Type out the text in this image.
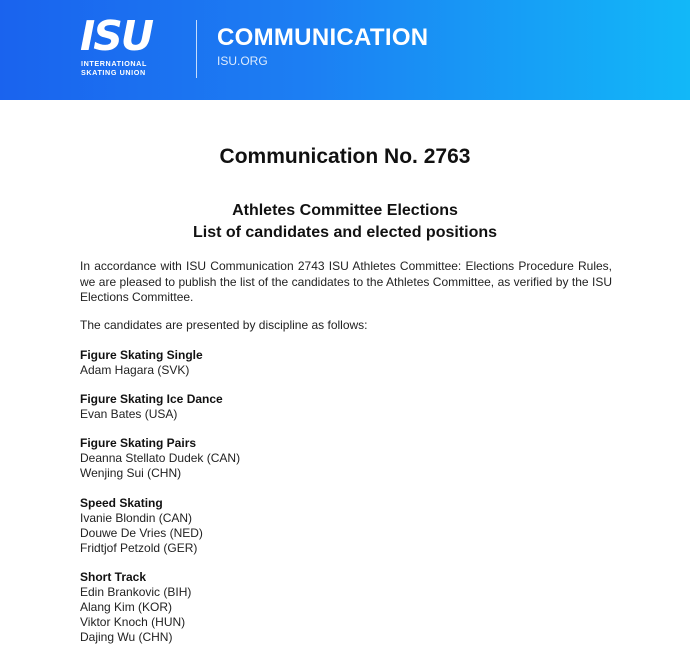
ISU
INTERNATIONAL
SKATING UNION
COMMUNICATION
ISU.ORG
Communication No. 2763
Athletes Committee Elections
List of candidates and elected positions
In accordance with ISU Communication 2743 ISU Athletes Committee: Elections Procedure Rules, we are pleased to publish the list of the candidates to the Athletes Committee, as verified by the ISU Elections Committee.
The candidates are presented by discipline as follows:
Figure Skating Single
Adam Hagara (SVK)
Figure Skating Ice Dance
Evan Bates (USA)
Figure Skating Pairs
Deanna Stellato Dudek (CAN)
Wenjing Sui (CHN)
Speed Skating
Ivanie Blondin (CAN)
Douwe De Vries (NED)
Fridtjof Petzold (GER)
Short Track
Edin Brankovic (BIH)
Alang Kim (KOR)
Viktor Knoch (HUN)
Dajing Wu (CHN)
